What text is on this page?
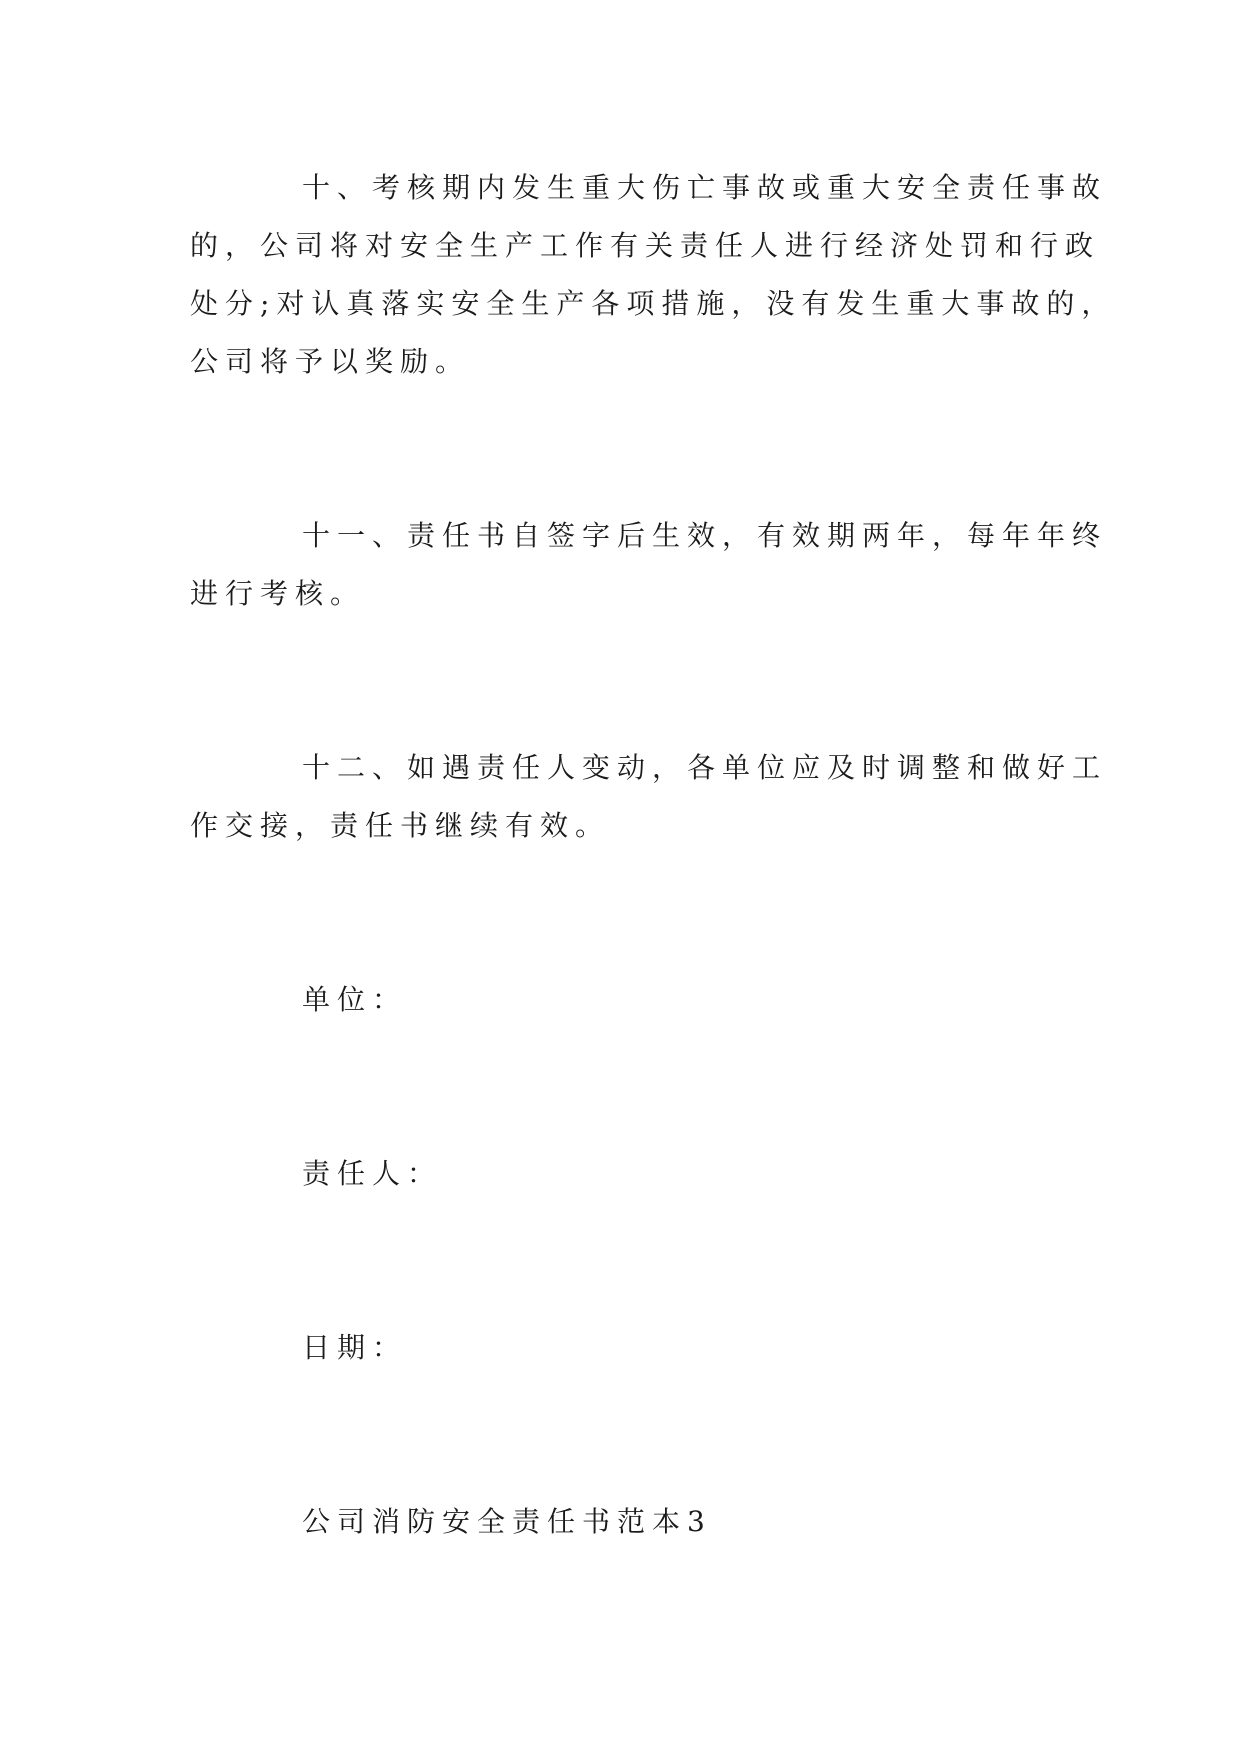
十、考核期内发生重大伤亡事故或重大安全责任事故
的，公司将对安全生产工作有关责任人进行经济处罚和行政
处分;对认真落实安全生产各项措施，没有发生重大事故的，
公司将予以奖励。
十一、责任书自签字后生效，有效期两年，每年年终
进行考核。
十二、如遇责任人变动，各单位应及时调整和做好工
作交接，责任书继续有效。
单位：
责任人：
日期：
公司消防安全责任书范本3
